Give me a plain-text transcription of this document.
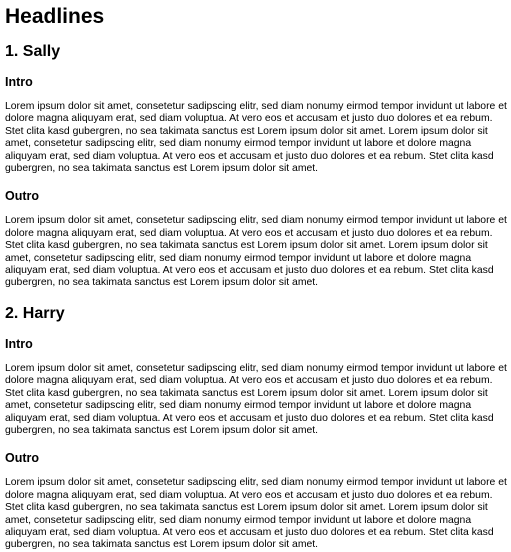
Headlines
1. Sally
Intro

Lorem ipsum dolor sit amet, consetetur sadipscing elitr, sed diam nonumy eirmod tempor invidunt ut labore et dolore magna aliquyam erat, sed diam voluptua. At vero eos et accusam et justo duo dolores et ea rebum. Stet clita kasd gubergren, no sea takimata sanctus est Lorem ipsum dolor sit amet. Lorem ipsum dolor sit amet, consetetur sadipscing elitr, sed diam nonumy eirmod tempor invidunt ut labore et dolore magna aliquyam erat, sed diam voluptua. At vero eos et accusam et justo duo dolores et ea rebum. Stet clita kasd gubergren, no sea takimata sanctus est Lorem ipsum dolor sit amet.

Outro

Lorem ipsum dolor sit amet, consetetur sadipscing elitr, sed diam nonumy eirmod tempor invidunt ut labore et dolore magna aliquyam erat, sed diam voluptua. At vero eos et accusam et justo duo dolores et ea rebum. Stet clita kasd gubergren, no sea takimata sanctus est Lorem ipsum dolor sit amet. Lorem ipsum dolor sit amet, consetetur sadipscing elitr, sed diam nonumy eirmod tempor invidunt ut labore et dolore magna aliquyam erat, sed diam voluptua. At vero eos et accusam et justo duo dolores et ea rebum. Stet clita kasd gubergren, no sea takimata sanctus est Lorem ipsum dolor sit amet.

2. Harry
Intro

Lorem ipsum dolor sit amet, consetetur sadipscing elitr, sed diam nonumy eirmod tempor invidunt ut labore et dolore magna aliquyam erat, sed diam voluptua. At vero eos et accusam et justo duo dolores et ea rebum. Stet clita kasd gubergren, no sea takimata sanctus est Lorem ipsum dolor sit amet. Lorem ipsum dolor sit amet, consetetur sadipscing elitr, sed diam nonumy eirmod tempor invidunt ut labore et dolore magna aliquyam erat, sed diam voluptua. At vero eos et accusam et justo duo dolores et ea rebum. Stet clita kasd gubergren, no sea takimata sanctus est Lorem ipsum dolor sit amet.

Outro

Lorem ipsum dolor sit amet, consetetur sadipscing elitr, sed diam nonumy eirmod tempor invidunt ut labore et dolore magna aliquyam erat, sed diam voluptua. At vero eos et accusam et justo duo dolores et ea rebum. Stet clita kasd gubergren, no sea takimata sanctus est Lorem ipsum dolor sit amet. Lorem ipsum dolor sit amet, consetetur sadipscing elitr, sed diam nonumy eirmod tempor invidunt ut labore et dolore magna aliquyam erat, sed diam voluptua. At vero eos et accusam et justo duo dolores et ea rebum. Stet clita kasd gubergren, no sea takimata sanctus est Lorem ipsum dolor sit amet.
